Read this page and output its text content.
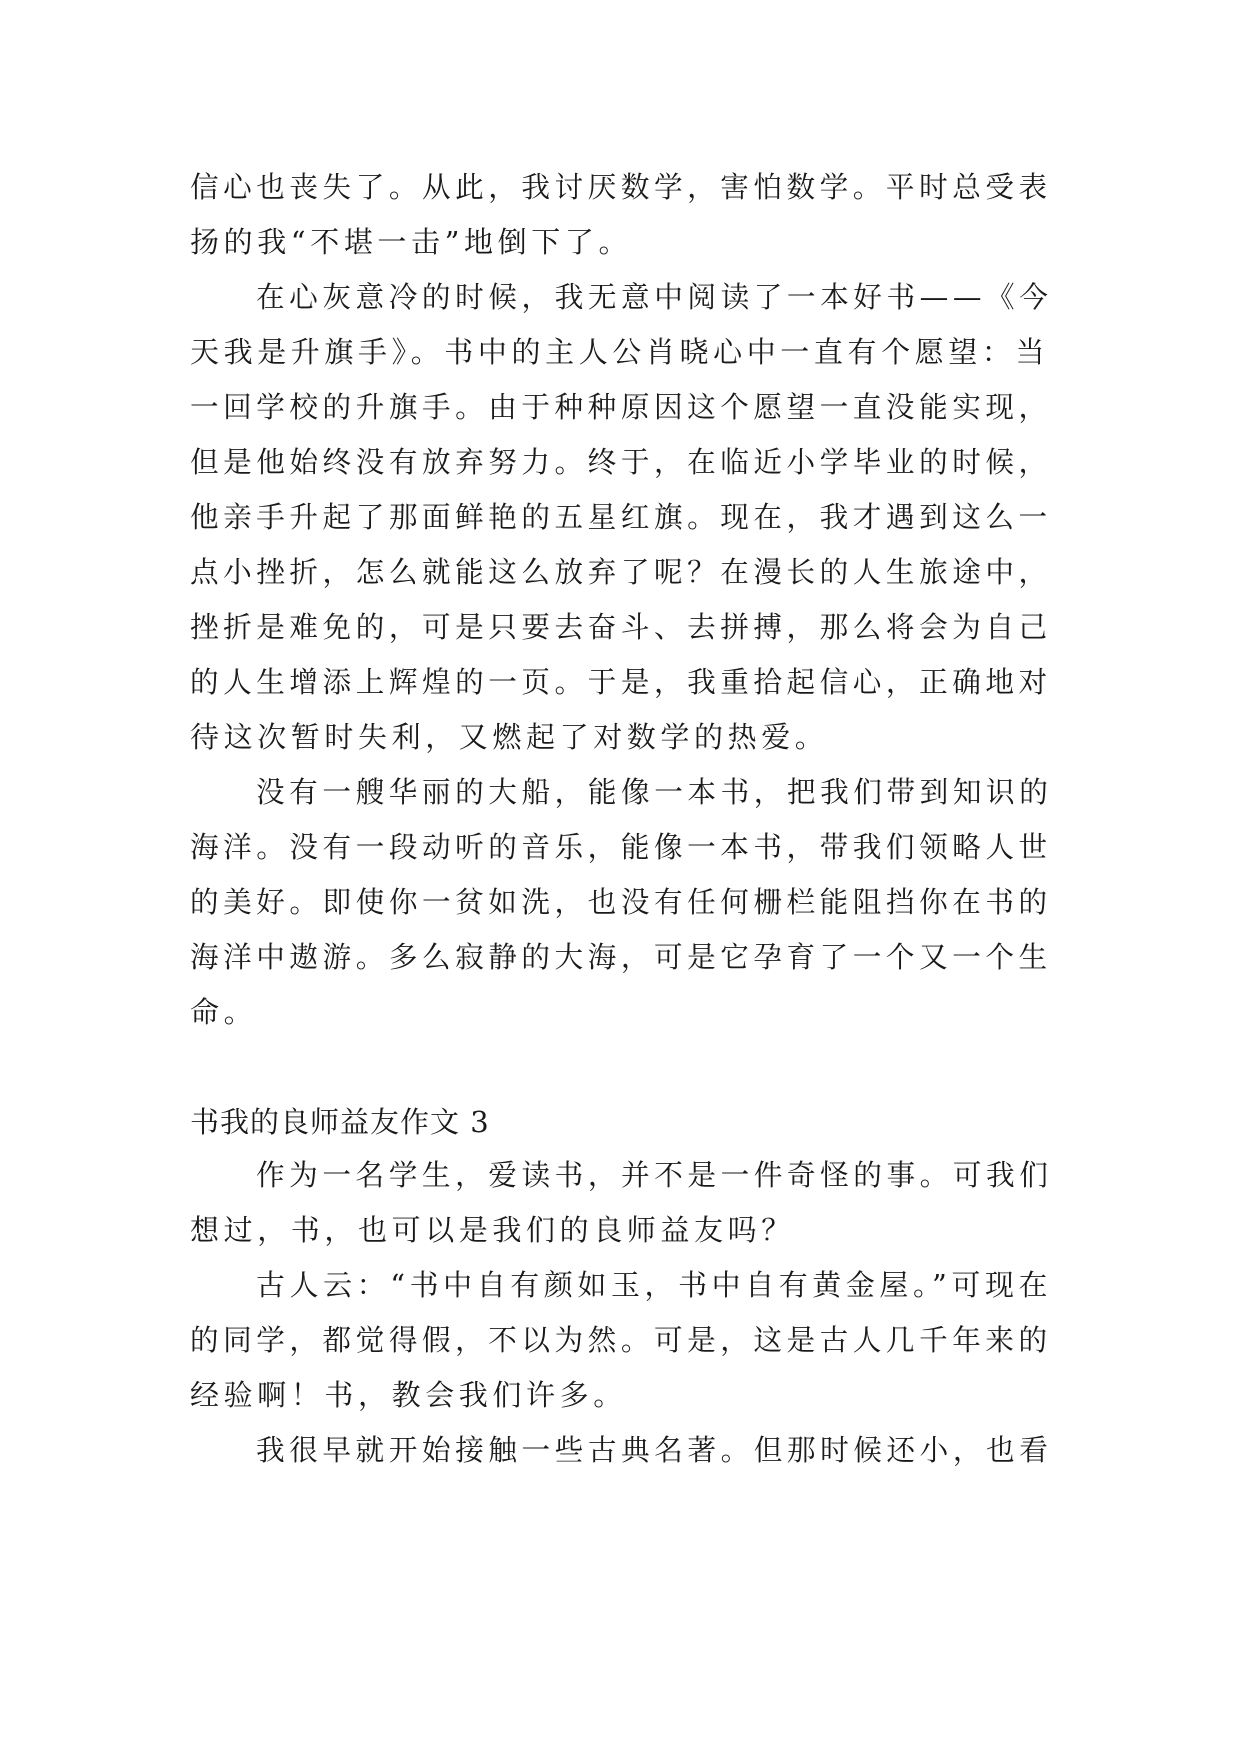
信心也丧失了。从此，我讨厌数学，害怕数学。平时总受表
扬的我“不堪一击”地倒下了。
在心灰意冷的时候，我无意中阅读了一本好书——《今
天我是升旗手》。书中的主人公肖晓心中一直有个愿望：当
一回学校的升旗手。由于种种原因这个愿望一直没能实现，
但是他始终没有放弃努力。终于，在临近小学毕业的时候，
他亲手升起了那面鲜艳的五星红旗。现在，我才遇到这么一
点小挫折，怎么就能这么放弃了呢？在漫长的人生旅途中，
挫折是难免的，可是只要去奋斗、去拼搏，那么将会为自己
的人生增添上辉煌的一页。于是，我重拾起信心，正确地对
待这次暂时失利，又燃起了对数学的热爱。
没有一艘华丽的大船，能像一本书，把我们带到知识的
海洋。没有一段动听的音乐，能像一本书，带我们领略人世
的美好。即使你一贫如洗，也没有任何栅栏能阻挡你在书的
海洋中遨游。多么寂静的大海，可是它孕育了一个又一个生
命。
书我的良师益友作文 3
作为一名学生，爱读书，并不是一件奇怪的事。可我们
想过，书，也可以是我们的良师益友吗？
古人云：“书中自有颜如玉，书中自有黄金屋。”可现在
的同学，都觉得假，不以为然。可是，这是古人几千年来的
经验啊！书，教会我们许多。
我很早就开始接触一些古典名著。但那时候还小，也看
